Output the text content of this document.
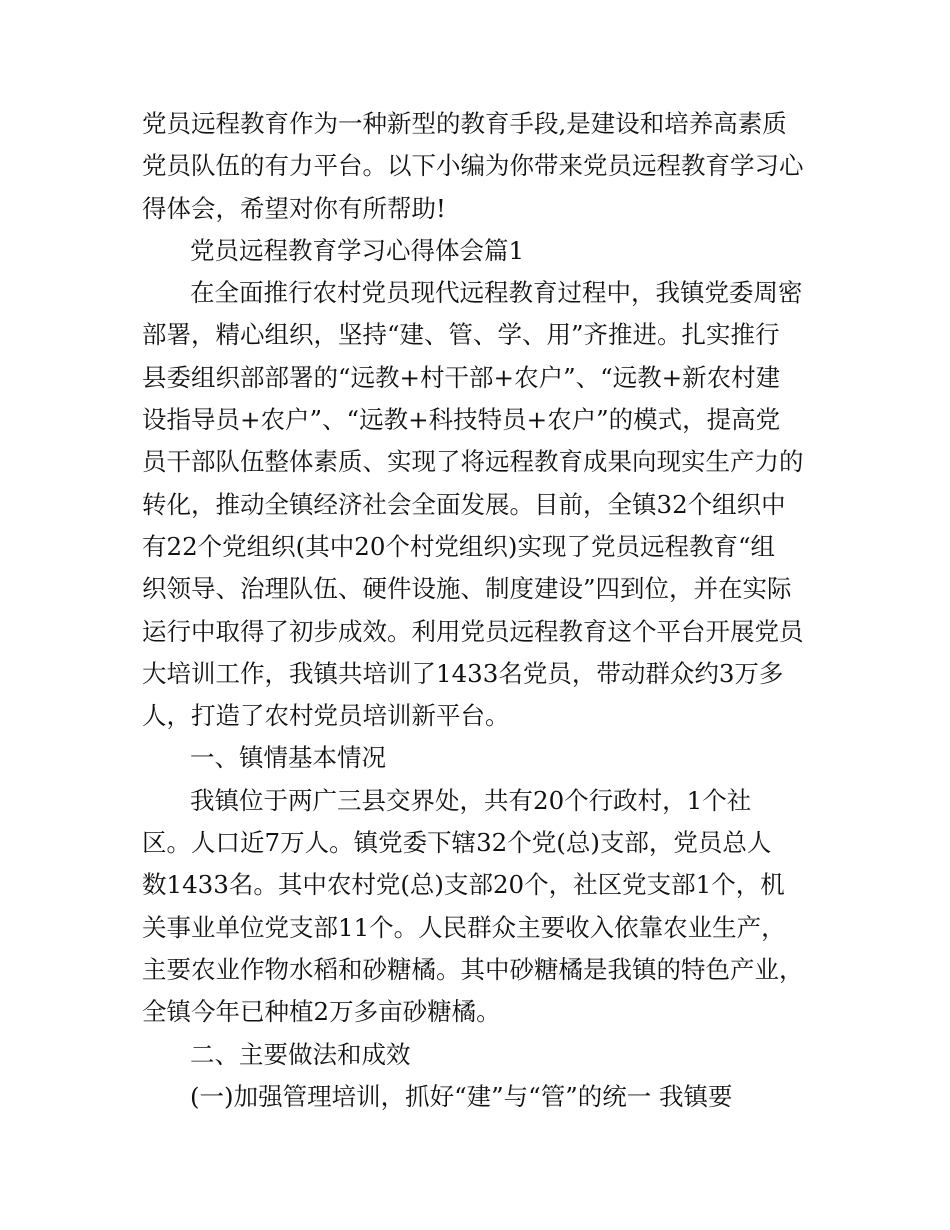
党员远程教育作为一种新型的教育手段,是建设和培养高素质
党员队伍的有力平台。以下小编为你带来党员远程教育学习心
得体会，希望对你有所帮助!
党员远程教育学习心得体会篇1
在全面推行农村党员现代远程教育过程中，我镇党委周密
部署，精心组织，坚持“建、管、学、用”齐推进。扎实推行
县委组织部部署的“远教+村干部+农户”、“远教+新农村建
设指导员+农户”、“远教+科技特员+农户”的模式，提高党
员干部队伍整体素质、实现了将远程教育成果向现实生产力的
转化，推动全镇经济社会全面发展。目前，全镇32个组织中
有22个党组织(其中20个村党组织)实现了党员远程教育“组
织领导、治理队伍、硬件设施、制度建设”四到位，并在实际
运行中取得了初步成效。利用党员远程教育这个平台开展党员
大培训工作，我镇共培训了1433名党员，带动群众约3万多
人，打造了农村党员培训新平台。
一、镇情基本情况
我镇位于两广三县交界处，共有20个行政村，1个社
区。人口近7万人。镇党委下辖32个党(总)支部，党员总人
数1433名。其中农村党(总)支部20个，社区党支部1个，机
关事业单位党支部11个。人民群众主要收入依靠农业生产，
主要农业作物水稻和砂糖橘。其中砂糖橘是我镇的特色产业，
全镇今年已种植2万多亩砂糖橘。
二、主要做法和成效
(一)加强管理培训，抓好“建”与“管”的统一 我镇要
